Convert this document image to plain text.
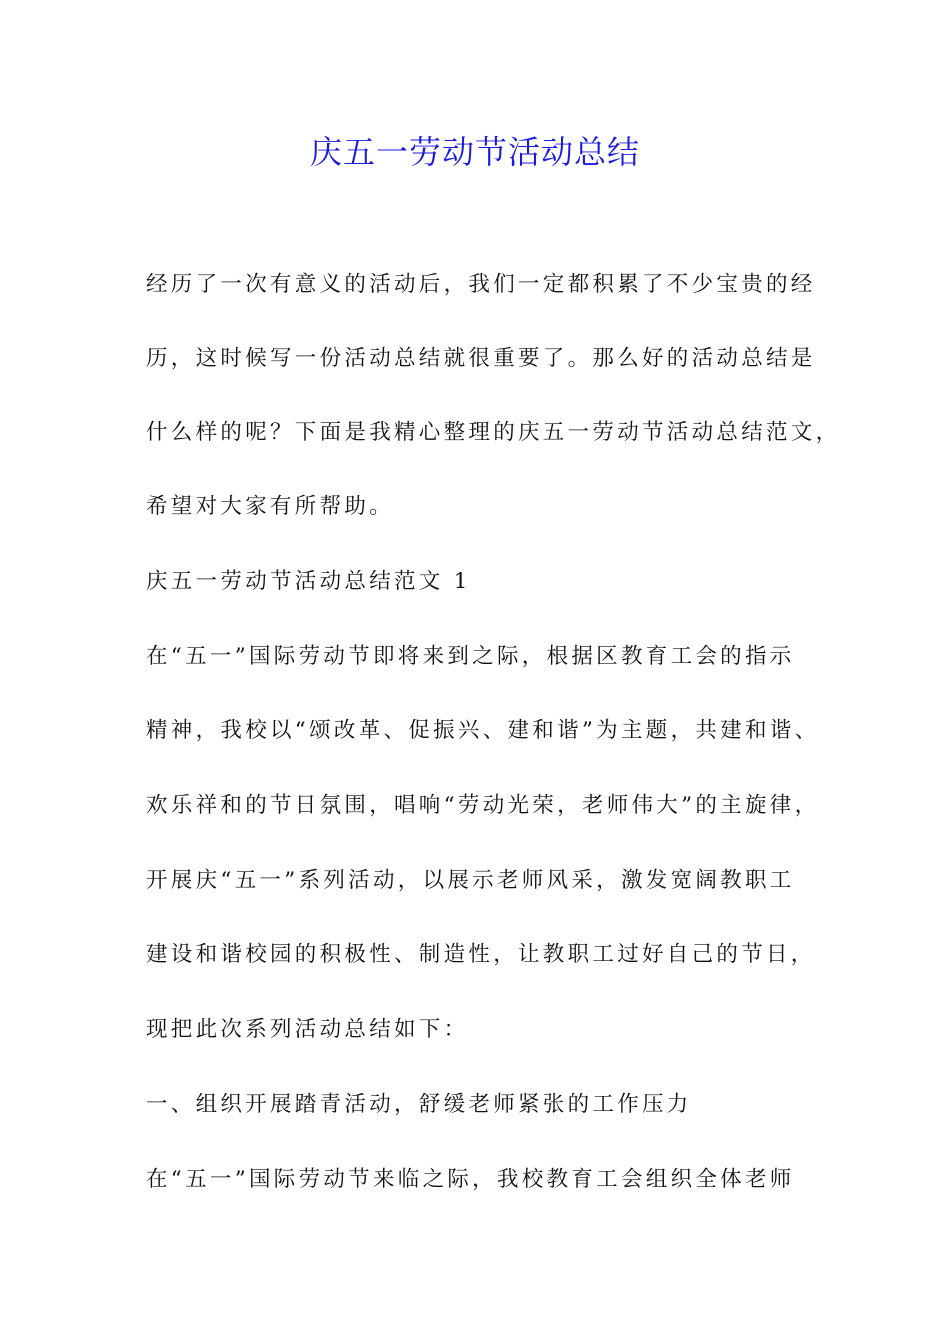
庆五一劳动节活动总结
经历了一次有意义的活动后，我们一定都积累了不少宝贵的经
历，这时候写一份活动总结就很重要了。那么好的活动总结是
什么样的呢？下面是我精心整理的庆五一劳动节活动总结范文，
希望对大家有所帮助。
庆五一劳动节活动总结范文 1
在“五一”国际劳动节即将来到之际，根据区教育工会的指示
精神，我校以“颂改革、促振兴、建和谐”为主题，共建和谐、
欢乐祥和的节日氛围，唱响“劳动光荣，老师伟大”的主旋律，
开展庆“五一”系列活动，以展示老师风采，激发宽阔教职工
建设和谐校园的积极性、制造性，让教职工过好自己的节日，
现把此次系列活动总结如下：
一、组织开展踏青活动，舒缓老师紧张的工作压力
在“五一”国际劳动节来临之际，我校教育工会组织全体老师
